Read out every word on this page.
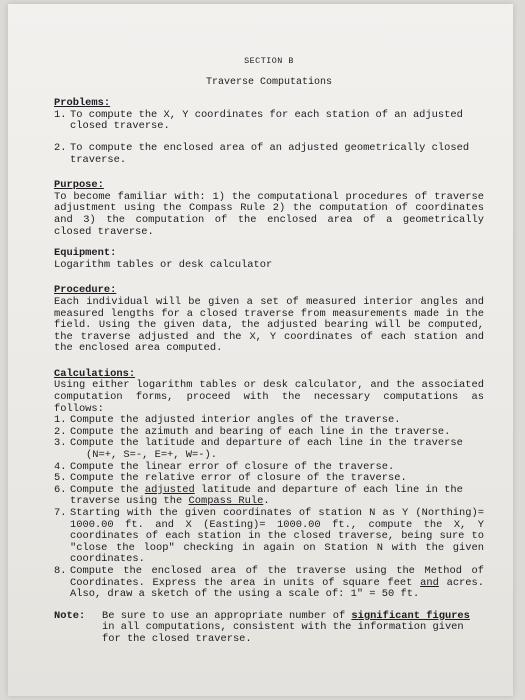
SECTION B
Traverse Computations
Problems:
1. To compute the X, Y coordinates for each station of an adjusted closed traverse.
2. To compute the enclosed area of an adjusted geometrically closed traverse.
Purpose:

To become familiar with: 1) the computational procedures of traverse adjustment using the Compass Rule 2) the computation of coordinates and 3) the computation of the enclosed area of a geometrically closed traverse.

Equipment:

Logarithm tables or desk calculator

Procedure:

Each individual will be given a set of measured interior angles and measured lengths for a closed traverse from measurements made in the field. Using the given data, the adjusted bearing will be computed, the traverse adjusted and the X, Y coordinates of each station and the enclosed area computed.

Calculations:

Using either logarithm tables or desk calculator, and the associated computation forms, proceed with the necessary computations as follows:

1. Compute the adjusted interior angles of the traverse.
2. Compute the azimuth and bearing of each line in the traverse.
3. Compute the latitude and departure of each line in the traverse
(N=+, S=-, E=+, W=-).
4. Compute the linear error of closure of the traverse.
5. Compute the relative error of closure of the traverse.
6. Compute the adjusted latitude and departure of each line in the traverse using the Compass Rule.
7. Starting with the given coordinates of station N as Y (Northing)= 1000.00 ft. and X (Easting)= 1000.00 ft., compute the X, Y coordinates of each station in the closed traverse, being sure to "close the loop" checking in again on Station N with the given coordinates.
8. Compute the enclosed area of the traverse using the Method of Coordinates. Express the area in units of square feet and acres. Also, draw a sketch of the using a scale of: 1" = 50 ft.
Note:	Be sure to use an appropriate number of significant figures in all computations, consistent with the information given for the closed traverse.
